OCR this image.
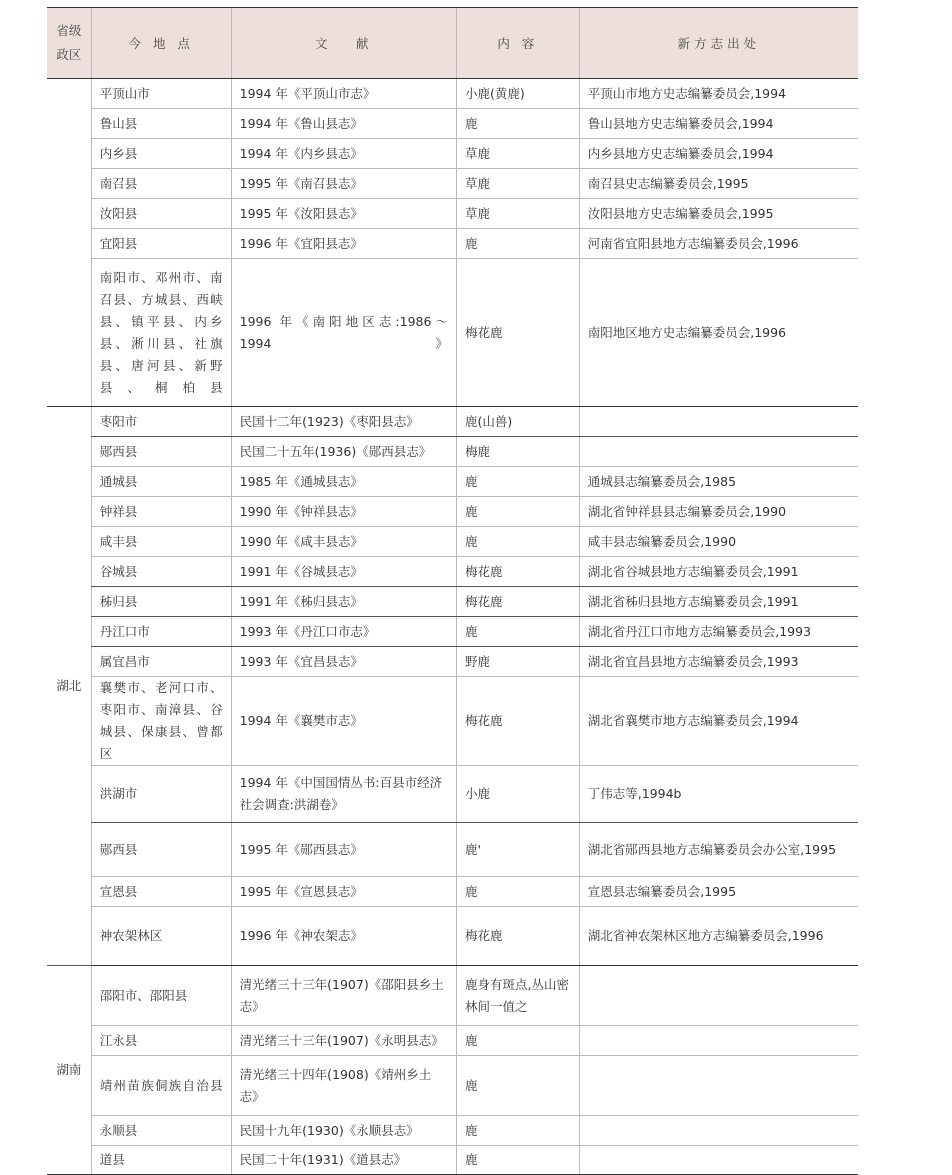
省级
政区	今 地 点	文　 献	内 容	新方志出处
	平顶山市	1994 年《平顶山市志》	小鹿(黄鹿)	平顶山市地方史志编纂委员会,1994
	鲁山县	1994 年《鲁山县志》	鹿	鲁山县地方史志编纂委员会,1994
	内乡县	1994 年《内乡县志》	草鹿	内乡县地方史志编纂委员会,1994
	南召县	1995 年《南召县志》	草鹿	南召县史志编纂委员会,1995
	汝阳县	1995 年《汝阳县志》	草鹿	汝阳县地方史志编纂委员会,1995
	宜阳县	1996 年《宜阳县志》	鹿	河南省宜阳县地方志编纂委员会,1996
	南阳市、邓州市、南召县、方城县、西峡县、镇平县、内乡县、淅川县、社旗县、唐河县、新野县、桐柏县	1996 年《南阳地区志:1986～1994》	梅花鹿	南阳地区地方史志编纂委员会,1996
湖北	枣阳市	民国十二年(1923)《枣阳县志》	鹿(山兽)	
	郧西县	民国二十五年(1936)《郧西县志》	梅鹿	
	通城县	1985 年《通城县志》	鹿	通城县志编纂委员会,1985
	钟祥县	1990 年《钟祥县志》	鹿	湖北省钟祥县县志编纂委员会,1990
	咸丰县	1990 年《咸丰县志》	鹿	咸丰县志编纂委员会,1990
	谷城县	1991 年《谷城县志》	梅花鹿	湖北省谷城县地方志编纂委员会,1991
	秭归县	1991 年《秭归县志》	梅花鹿	湖北省秭归县地方志编纂委员会,1991
	丹江口市	1993 年《丹江口市志》	鹿	湖北省丹江口市地方志编纂委员会,1993
	属宜昌市	1993 年《宜昌县志》	野鹿	湖北省宜昌县地方志编纂委员会,1993
	襄樊市、老河口市、枣阳市、南漳县、谷城县、保康县、曾都区	1994 年《襄樊市志》	梅花鹿	湖北省襄樊市地方志编纂委员会,1994
	洪湖市	1994 年《中国国情丛书:百县市经济社会调查:洪湖卷》	小鹿	丁伟志等,1994b
	郧西县	1995 年《郧西县志》	鹿'	湖北省郧西县地方志编纂委员会办公室,1995
	宣恩县	1995 年《宣恩县志》	鹿	宣恩县志编纂委员会,1995
	神农架林区	1996 年《神农架志》	梅花鹿	湖北省神农架林区地方志编纂委员会,1996
湖南	邵阳市、邵阳县	清光绪三十三年(1907)《邵阳县乡土志》	鹿身有斑点,丛山密林间一值之	
	江永县	清光绪三十三年(1907)《永明县志》	鹿	
	靖州苗族侗族自治县	清光绪三十四年(1908)《靖州乡土志》	鹿	
	永顺县	民国十九年(1930)《永顺县志》	鹿	
	道县	民国二十年(1931)《道县志》	鹿	
